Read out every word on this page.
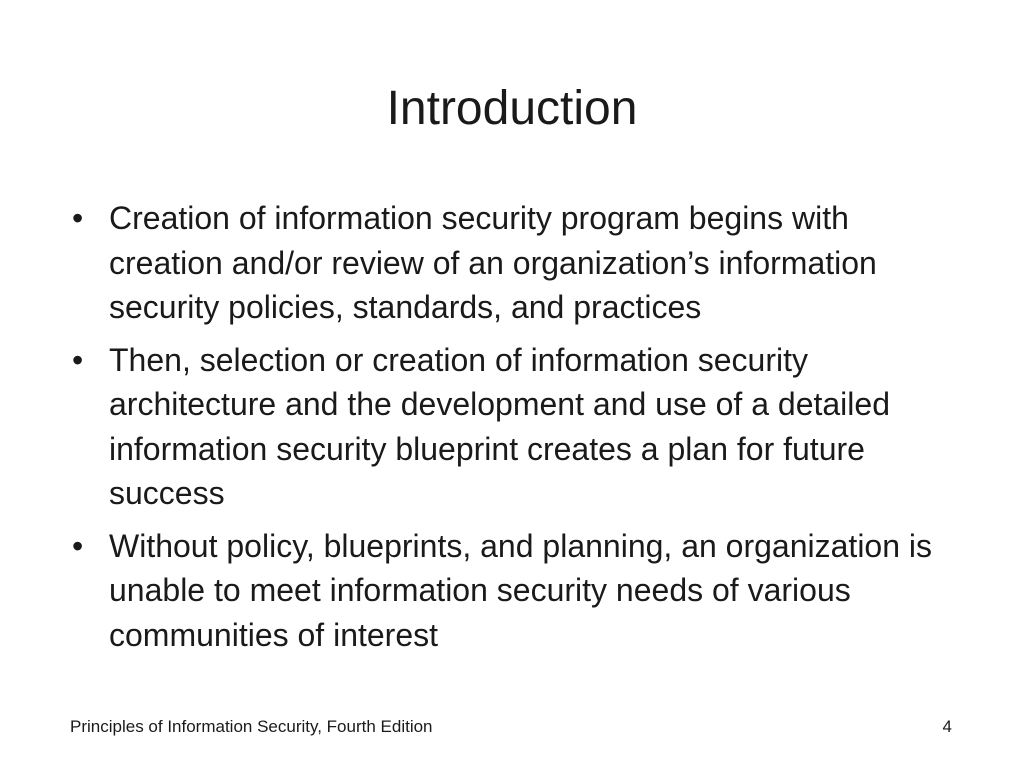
Introduction
• Creation of information security program begins with creation and/or review of an organization’s information security policies, standards, and practices
• Then, selection or creation of information security architecture and the development and use of a detailed information security blueprint creates a plan for future success
• Without policy, blueprints, and planning, an organization is unable to meet information security needs of various communities of interest
Principles of Information Security, Fourth Edition	4
